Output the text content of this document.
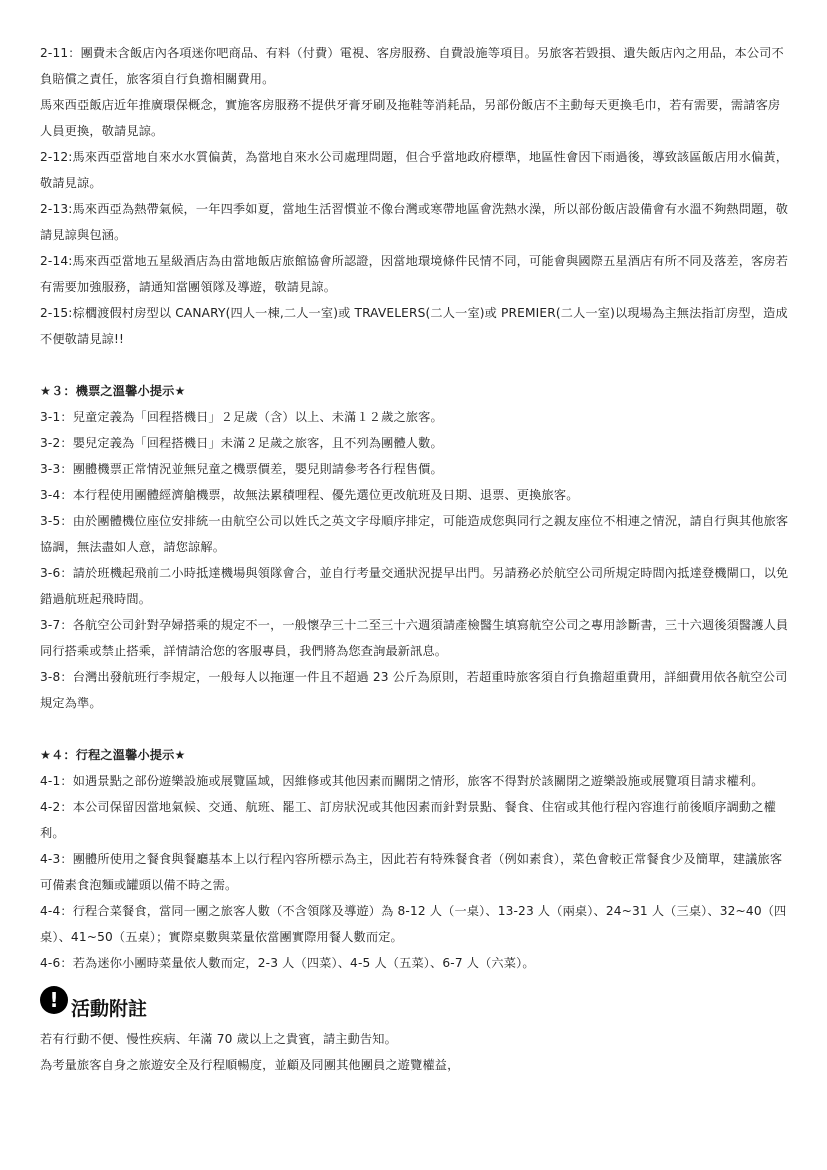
2-11：團費未含飯店內各項迷你吧商品、有料（付費）電視、客房服務、自費設施等項目。另旅客若毀損、遺失飯店內之用品，本公司不負賠償之責任，旅客須自行負擔相關費用。

馬來西亞飯店近年推廣環保概念，實施客房服務不提供牙膏牙刷及拖鞋等消耗品，另部份飯店不主動每天更換毛巾，若有需要，需請客房人員更換，敬請見諒。

2-12:馬來西亞當地自來水水質偏黃，為當地自來水公司處理問題，但合乎當地政府標準，地區性會因下雨過後，導致該區飯店用水偏黃，敬請見諒。

2-13:馬來西亞為熱帶氣候，一年四季如夏，當地生活習慣並不像台灣或寒帶地區會洗熱水澡，所以部份飯店設備會有水溫不夠熱問題，敬請見諒與包涵。

2-14:馬來西亞當地五星級酒店為由當地飯店旅館協會所認證，因當地環境條件民情不同，可能會與國際五星酒店有所不同及落差，客房若有需要加強服務，請通知當團領隊及導遊，敬請見諒。

2-15:棕櫚渡假村房型以 CANARY(四人一棟,二人一室)或 TRAVELERS(二人一室)或 PREMIER(二人一室)以現場為主無法指訂房型，造成不便敬請見諒!!

★３：機票之溫馨小提示★

3-1：兒童定義為「回程搭機日」２足歲（含）以上、未滿１２歲之旅客。

3-2：嬰兒定義為「回程搭機日」未滿２足歲之旅客，且不列為團體人數。

3-3：團體機票正常情況並無兒童之機票價差，嬰兒則請參考各行程售價。

3-4：本行程使用團體經濟艙機票，故無法累積哩程、優先選位更改航班及日期、退票、更換旅客。

3-5：由於團體機位座位安排統一由航空公司以姓氏之英文字母順序排定，可能造成您與同行之親友座位不相連之情況，請自行與其他旅客協調，無法盡如人意，請您諒解。

3-6：請於班機起飛前二小時抵達機場與領隊會合，並自行考量交通狀況提早出門。另請務必於航空公司所規定時間內抵達登機閘口，以免錯過航班起飛時間。

3-7：各航空公司針對孕婦搭乘的規定不一，一般懷孕三十二至三十六週須請產檢醫生填寫航空公司之專用診斷書，三十六週後須醫護人員同行搭乘或禁止搭乘，詳情請洽您的客服專員，我們將為您查詢最新訊息。

3-8：台灣出發航班行李規定，一般每人以拖運一件且不超過 23 公斤為原則，若超重時旅客須自行負擔超重費用，詳細費用依各航空公司規定為準。

★４：行程之溫馨小提示★

4-1：如遇景點之部份遊樂設施或展覽區域，因維修或其他因素而關閉之情形，旅客不得對於該關閉之遊樂設施或展覽項目請求權利。

4-2：本公司保留因當地氣候、交通、航班、罷工、訂房狀況或其他因素而針對景點、餐食、住宿或其他行程內容進行前後順序調動之權利。

4-3：團體所使用之餐食與餐廳基本上以行程內容所標示為主，因此若有特殊餐食者（例如素食），菜色會較正常餐食少及簡單，建議旅客可備素食泡麵或罐頭以備不時之需。

4-4：行程合菜餐食，當同一團之旅客人數（不含領隊及導遊）為 8-12 人（一桌）、13-23 人（兩桌）、24~31 人（三桌）、32~40（四桌）、41~50（五桌）；實際桌數與菜量依當團實際用餐人數而定。

4-6：若為迷你小團時菜量依人數而定，2-3 人（四菜）、4-5 人（五菜）、6-7 人（六菜）。

! 活動附註

若有行動不便、慢性疾病、年滿 70 歲以上之貴賓，請主動告知。

為考量旅客自身之旅遊安全及行程順暢度，並顧及同團其他團員之遊覽權益，
